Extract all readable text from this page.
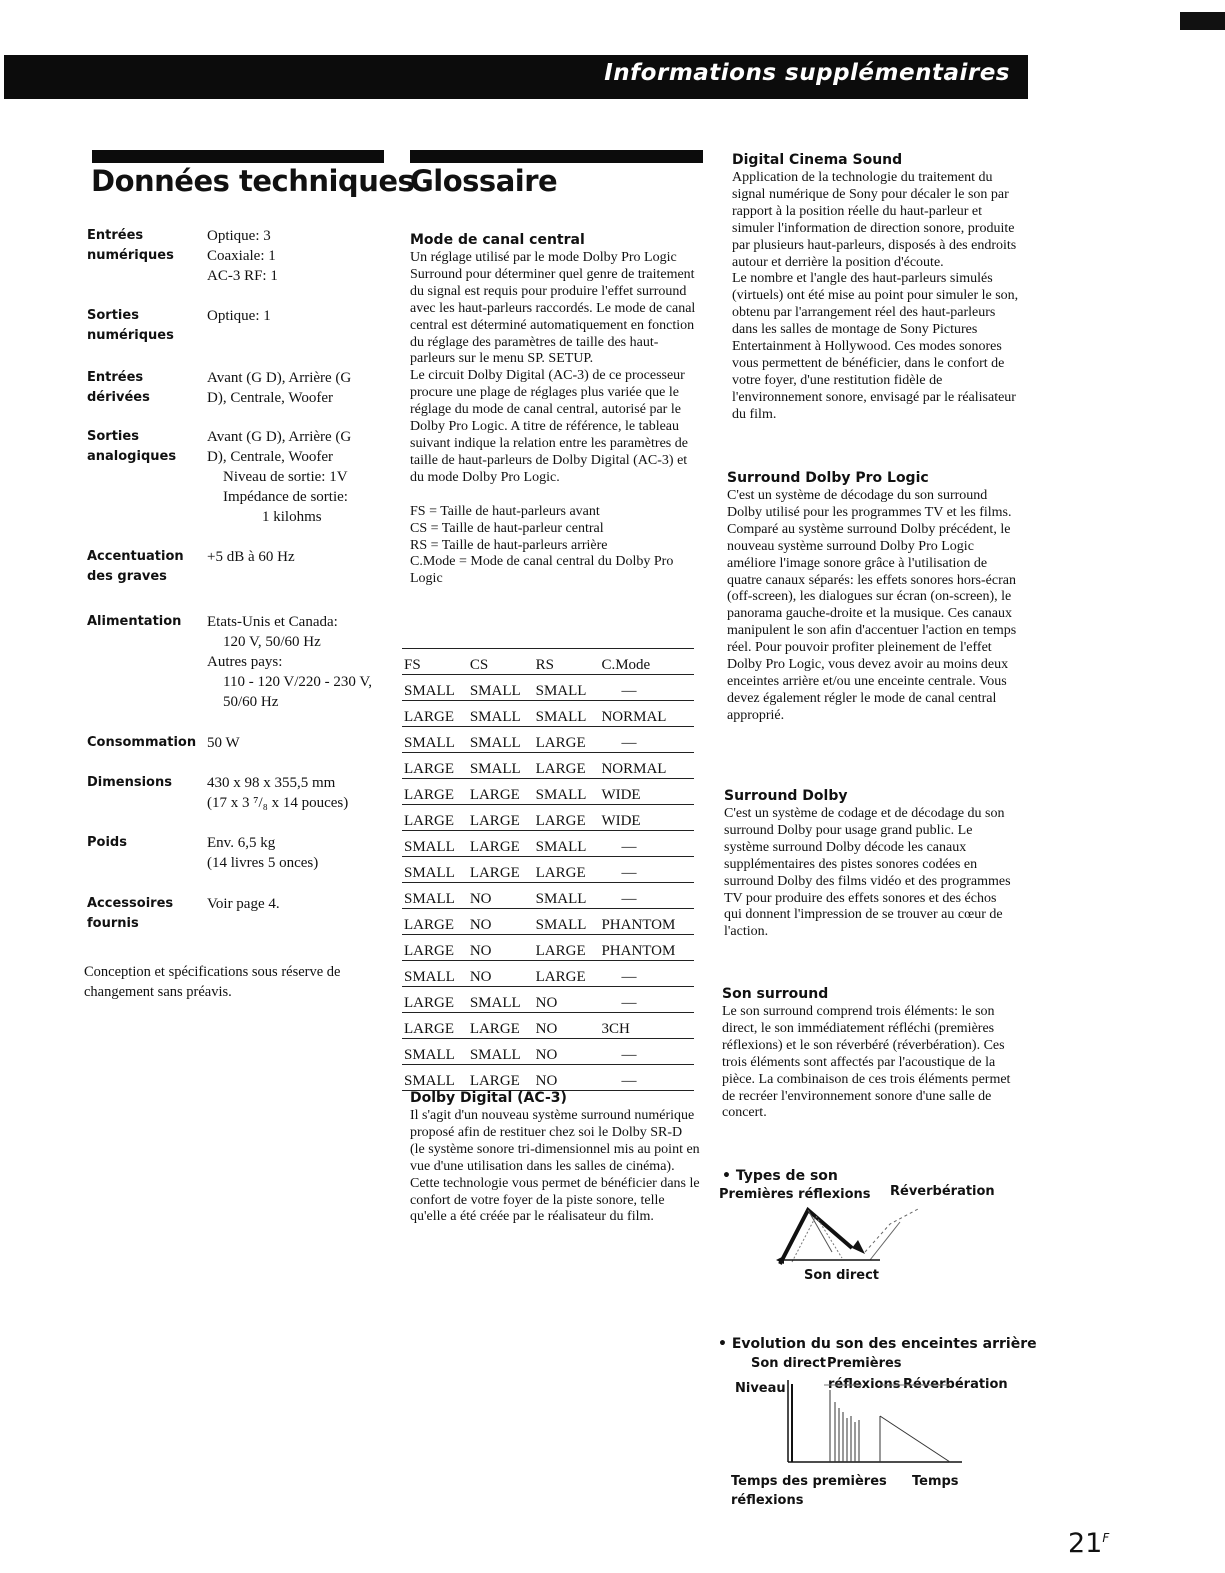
Informations supplémentaires
Données techniques
Entrées numériques
Optique: 3
Coaxiale: 1
AC-3 RF: 1
Sorties numériques
Optique: 1
Entrées dérivées
Avant (G D), Arrière (G
D), Centrale, Woofer
Sorties analogiques
Avant (G D), Arrière (G
D), Centrale, Woofer
Niveau de sortie: 1V
Impédance de sortie:
1 kilohms
Accentuation des graves
+5 dB à 60 Hz
Alimentation	Etats-Unis et Canada:
120 V, 50/60 Hz
Autres pays:
110 - 120 V/220 - 230 V,
50/60 Hz
Consommation 50 W
Dimensions	430 x 98 x 355,5 mm
(17 x 3 ⁷/₈ x 14 pouces)
Poids	Env. 6,5 kg
(14 livres 5 onces)
Accessoires fournis
Voir page 4.
Conception et spécifications sous réserve de changement sans préavis.
Glossaire
Mode de canal central

Un réglage utilisé par le mode Dolby Pro Logic Surround pour déterminer quel genre de traitement du signal est requis pour produire l'effet surround avec les haut-parleurs raccordés. Le mode de canal central est déterminé automatiquement en fonction du réglage des paramètres de taille des haut-parleurs sur le menu SP. SETUP.

Le circuit Dolby Digital (AC-3) de ce processeur procure une plage de réglages plus variée que le réglage du mode de canal central, autorisé par le Dolby Pro Logic. A titre de référence, le tableau suivant indique la relation entre les paramètres de taille de haut-parleurs de Dolby Digital (AC-3) et du mode Dolby Pro Logic.

FS = Taille de haut-parleurs avant

CS = Taille de haut-parleur central

RS = Taille de haut-parleurs arrière

C.Mode = Mode de canal central du Dolby Pro Logic

FS	CS	RS	C.Mode
SMALL	SMALL	SMALL	—
LARGE	SMALL	SMALL	NORMAL
SMALL	SMALL	LARGE	—
LARGE	SMALL	LARGE	NORMAL
LARGE	LARGE	SMALL	WIDE
LARGE	LARGE	LARGE	WIDE
SMALL	LARGE	SMALL	—
SMALL	LARGE	LARGE	—
SMALL	NO	SMALL	—
LARGE	NO	SMALL	PHANTOM
LARGE	NO	LARGE	PHANTOM
SMALL	NO	LARGE	—
LARGE	SMALL	NO	—
LARGE	LARGE	NO	3CH
SMALL	SMALL	NO	—
SMALL	LARGE	NO	—
Dolby Digital (AC-3)

Il s'agit d'un nouveau système surround numérique proposé afin de restituer chez soi le Dolby SR-D (le système sonore tri-dimensionnel mis au point en vue d'une utilisation dans les salles de cinéma). Cette technologie vous permet de bénéficier dans le confort de votre foyer de la piste sonore, telle qu'elle a été créée par le réalisateur du film.

Digital Cinema Sound

Application de la technologie du traitement du signal numérique de Sony pour décaler le son par rapport à la position réelle du haut-parleur et simuler l'information de direction sonore, produite par plusieurs haut-parleurs, disposés à des endroits autour et derrière la position d'écoute.

Le nombre et l'angle des haut-parleurs simulés (virtuels) ont été mise au point pour simuler le son, obtenu par l'arrangement réel des haut-parleurs dans les salles de montage de Sony Pictures Entertainment à Hollywood. Ces modes sonores vous permettent de bénéficier, dans le confort de votre foyer, d'une restitution fidèle de l'environnement sonore, envisagé par le réalisateur du film.

Surround Dolby Pro Logic

C'est un système de décodage du son surround Dolby utilisé pour les programmes TV et les films. Comparé au système surround Dolby précédent, le nouveau système surround Dolby Pro Logic améliore l'image sonore grâce à l'utilisation de quatre canaux séparés: les effets sonores hors-écran (off-screen), les dialogues sur écran (on-screen), le panorama gauche-droite et la musique. Ces canaux manipulent le son afin d'accentuer l'action en temps réel. Pour pouvoir profiter pleinement de l'effet Dolby Pro Logic, vous devez avoir au moins deux enceintes arrière et/ou une enceinte centrale. Vous devez également régler le mode de canal central approprié.

Surround Dolby

C'est un système de codage et de décodage du son surround Dolby pour usage grand public. Le système surround Dolby décode les canaux supplémentaires des pistes sonores codées en surround Dolby des films vidéo et des programmes TV pour produire des effets sonores et des échos qui donnent l'impression de se trouver au cœur de l'action.

Son surround

Le son surround comprend trois éléments: le son direct, le son immédiatement réfléchi (premières réflexions) et le son réverbéré (réverbération). Ces trois éléments sont affectés par l'acoustique de la pièce. La combinaison de ces trois éléments permet de recréer l'environnement sonore d'une salle de concert.

• Types de son
Premières réflexions Réverbération
Son direct
• Evolution du son des enceintes arrière
Son direct Premières
réflexions Réverbération
Niveau
Temps des premières
réflexions
Temps
$21^F$
